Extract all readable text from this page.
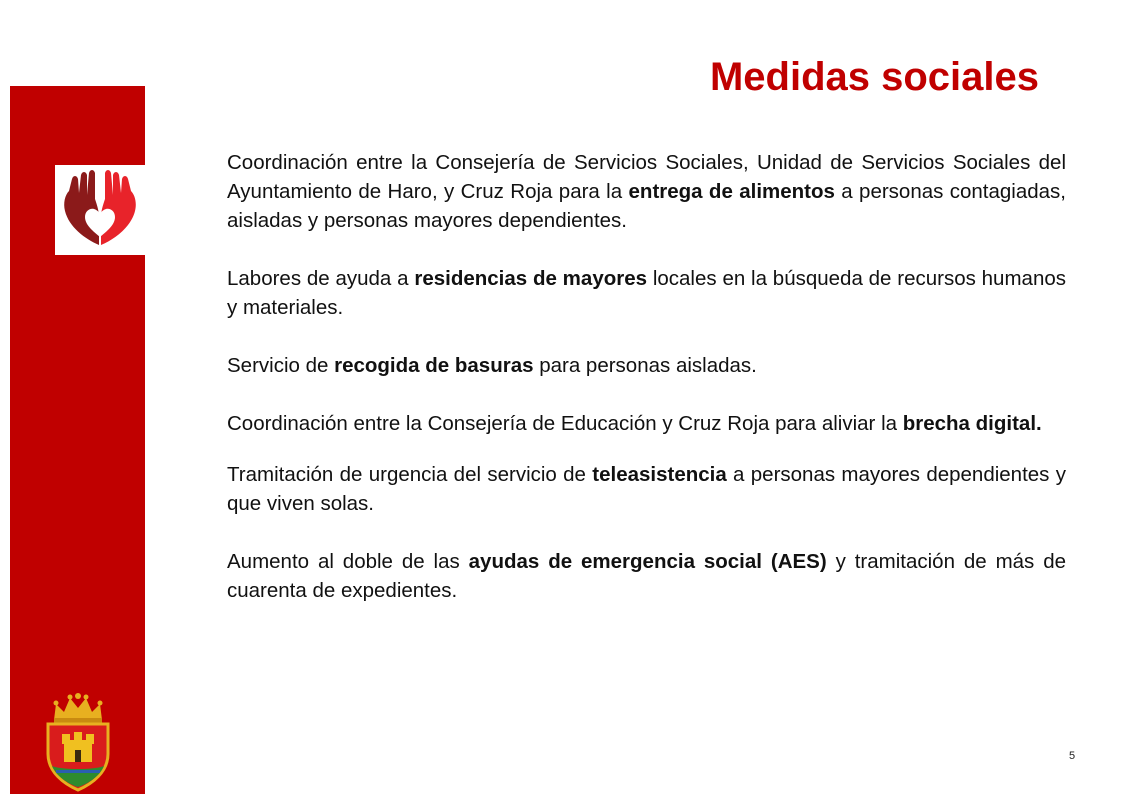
Medidas sociales

Coordinación entre la Consejería de Servicios Sociales, Unidad de Servicios Sociales del Ayuntamiento de Haro, y Cruz Roja para la entrega de alimentos a personas contagiadas, aisladas y personas mayores dependientes.

Labores de ayuda a residencias de mayores locales en la búsqueda de recursos humanos y materiales.

Servicio de recogida de basuras para personas aisladas.

Coordinación entre la Consejería de Educación y Cruz Roja para aliviar la brecha digital.

Tramitación de urgencia del servicio de teleasistencia a personas mayores dependientes y que viven solas.

Aumento al doble de las ayudas de emergencia social (AES) y tramitación de más de cuarenta de expedientes.

5
